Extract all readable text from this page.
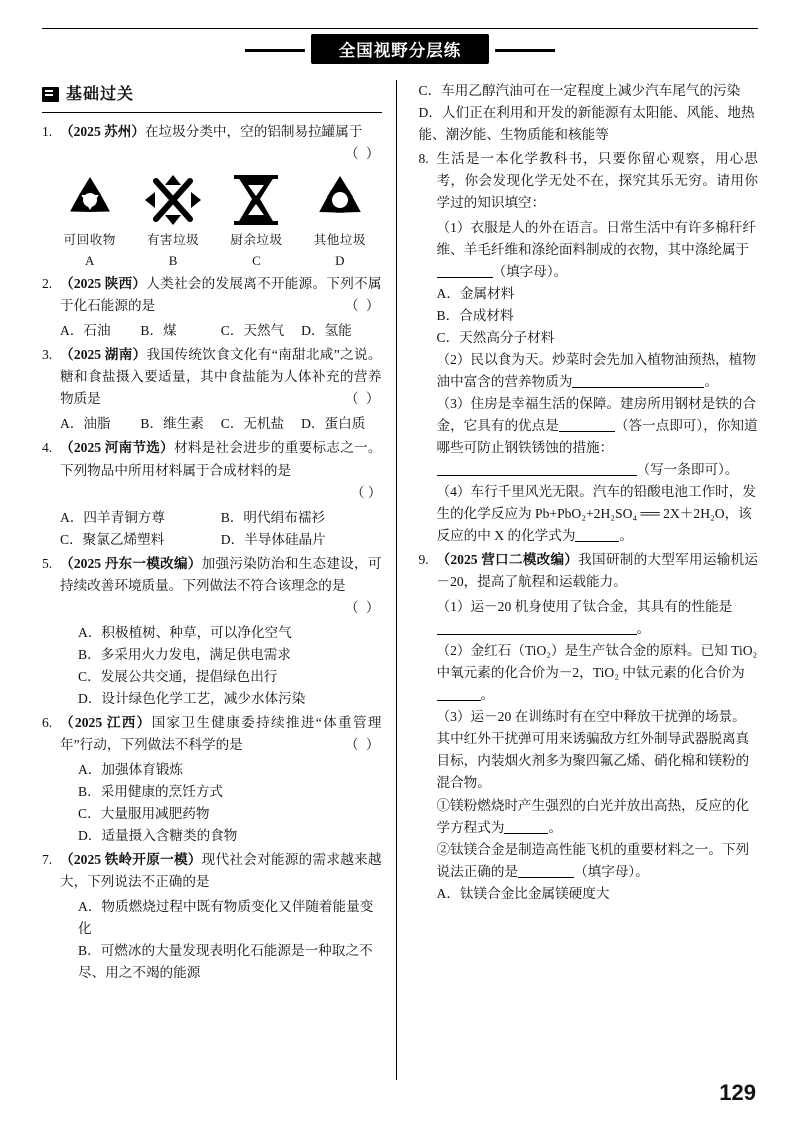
全国视野分层练
基础过关
1. （2025 苏州）在垃圾分类中，空的铝制易拉罐属于
（ ）
可回收物
A
有害垃圾
B
厨余垃圾
C
其他垃圾
D
2. （2025 陕西）人类社会的发展离不开能源。下列不属于化石能源的是	（ ）
A．石油	B．煤	C．天然气	D．氢能
3. （2025 湖南）我国传统饮食文化有“南甜北咸”之说。糖和食盐摄入要适量，其中食盐能为人体补充的营养物质是	（ ）
A．油脂	B．维生素	C．无机盐	D．蛋白质
4. （2025 河南节选）材料是社会进步的重要标志之一。下列物品中所用材料属于合成材料的是
（ ）
A．四羊青铜方尊	B．明代绢布襦衫
C．聚氯乙烯塑料	D．半导体硅晶片
5. （2025 丹东一模改编）加强污染防治和生态建设，可持续改善环境质量。下列做法不符合该理念的是
（ ）
A．积极植树、种草，可以净化空气
B．多采用火力发电，满足供电需求
C．发展公共交通，提倡绿色出行
D．设计绿色化学工艺，减少水体污染
6. （2025 江西）国家卫生健康委持续推进“体重管理年”行动，下列做法不科学的是	（ ）
A．加强体育锻炼
B．采用健康的烹饪方式
C．大量服用减肥药物
D．适量摄入含糖类的食物
7. （2025 铁岭开原一模）现代社会对能源的需求越来越大，下列说法不正确的是
A．物质燃烧过程中既有物质变化又伴随着能量变化
B．可燃冰的大量发现表明化石能源是一种取之不尽、用之不竭的能源
C．车用乙醇汽油可在一定程度上减少汽车尾气的污染
D．人们正在利用和开发的新能源有太阳能、风能、地热能、潮汐能、生物质能和核能等
8. 生活是一本化学教科书，只要你留心观察，用心思考，你会发现化学无处不在，探究其乐无穷。请用你学过的知识填空：
（1）衣服是人的外在语言。日常生活中有许多棉秆纤维、羊毛纤维和涤纶面料制成的衣物，其中涤纶属于（填字母）。
A．金属材料
B．合成材料
C．天然高分子材料
（2）民以食为天。炒菜时会先加入植物油预热，植物油中富含的营养物质为	。
（3）住房是幸福生活的保障。建房所用钢材是铁的合金，它具有的优点是	（答一点即可），你知道哪些可防止钢铁锈蚀的措施：
（写一条即可）。
（4）车行千里风光无限。汽车的铅酸电池工作时，发生的化学反应为 Pb+PbO₂+2H₂SO₄ ══ 2X＋2H₂O，该反应的中 X 的化学式为	。
9. （2025 营口二模改编）我国研制的大型军用运输机运－20，提高了航程和运载能力。
（1）运－20 机身使用了钛合金，其具有的性能是
。
（2）金红石（TiO₂）是生产钛合金的原料。已知 TiO₂ 中氧元素的化合价为－2，TiO₂ 中钛元素的化合价为。
（3）运－20 在训练时有在空中释放干扰弹的场景。其中红外干扰弹可用来诱骗敌方红外制导武器脱离真目标，内装烟火剂多为聚四氟乙烯、硝化棉和镁粉的混合物。
①镁粉燃烧时产生强烈的白光并放出高热，反应的化学方程式为	。
②钛镁合金是制造高性能飞机的重要材料之一。下列说法正确的是	（填字母）。
A．钛镁合金比金属镁硬度大
129
